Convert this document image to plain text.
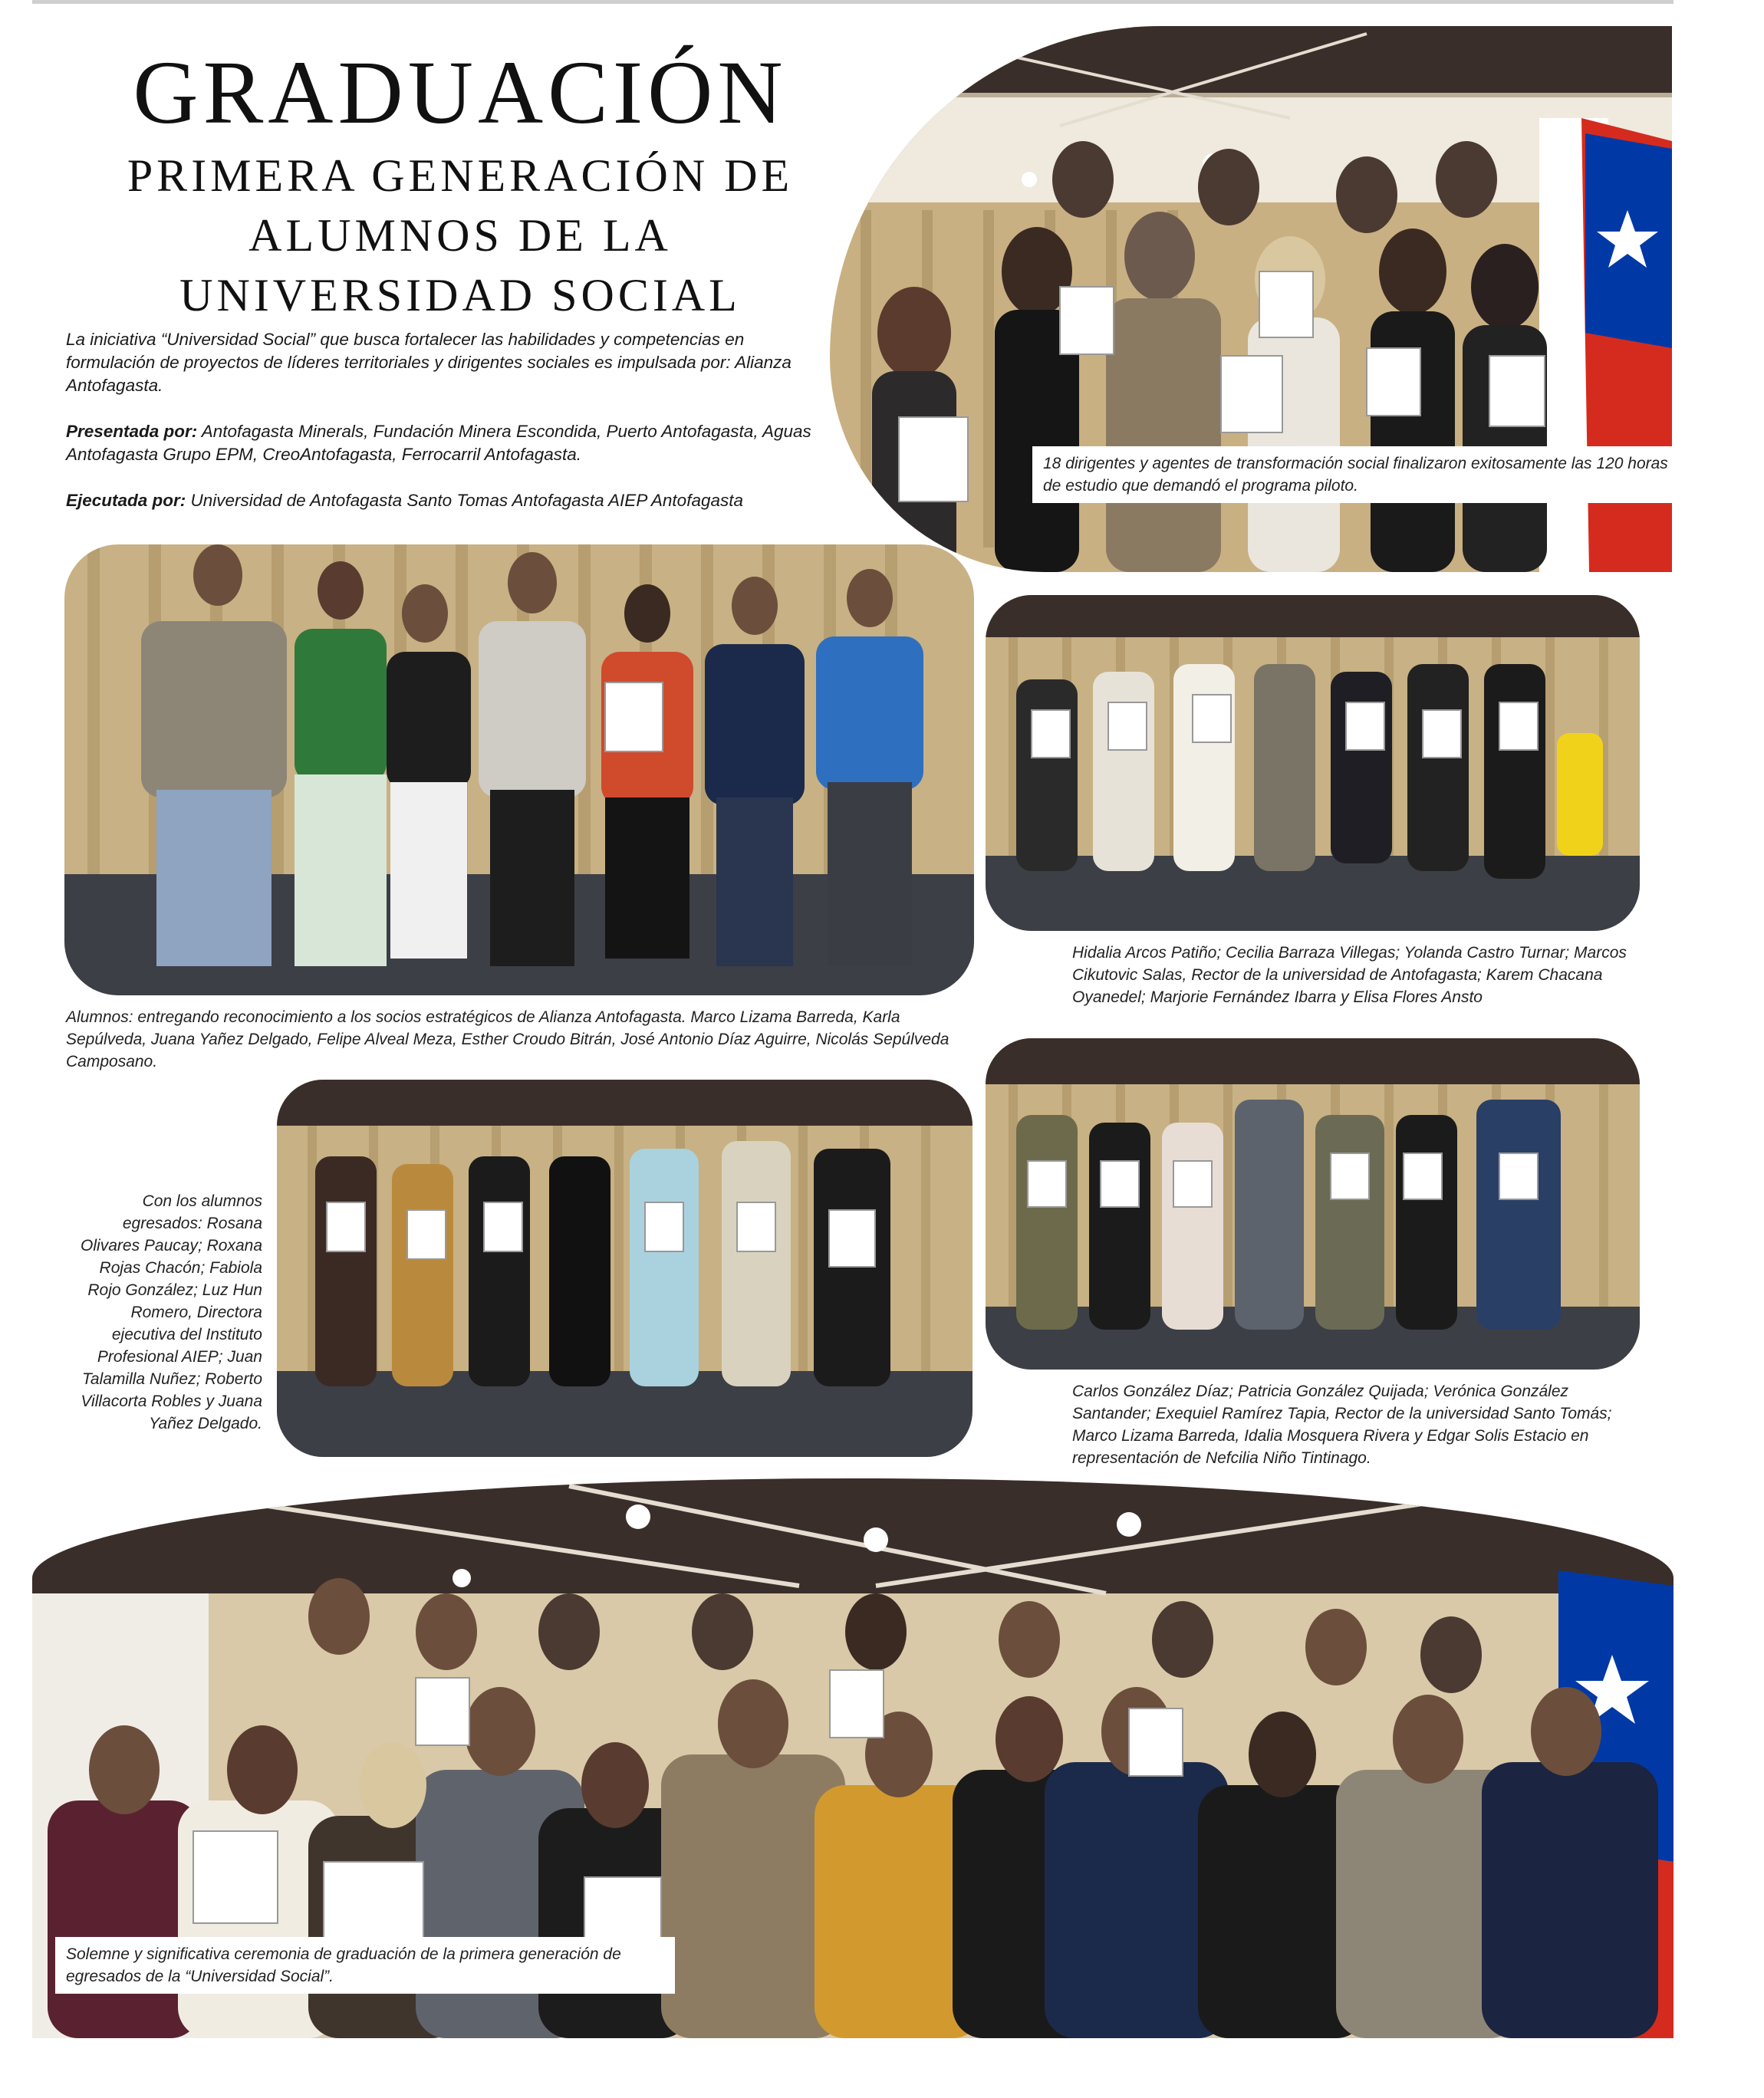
GRADUACIÓN
PRIMERA GENERACIÓN DE
ALUMNOS DE LA
UNIVERSIDAD SOCIAL

La iniciativa “Universidad Social” que busca fortalecer las habilidades y competencias en formulación de proyectos de líderes territoriales y dirigentes sociales es impulsada por: Alianza Antofagasta.

Presentada por: Antofagasta Minerals, Fundación Minera Escondida, Puerto Antofagasta, Aguas Antofagasta Grupo EPM, CreoAntofagasta, Ferrocarril Antofagasta.

Ejecutada por: Universidad de Antofagasta Santo Tomas Antofagasta AIEP Antofagasta

18 dirigentes y agentes de transformación social finalizaron exitosamente las 120 horas de estudio que demandó el programa piloto.
Alumnos: entregando reconocimiento a los socios estratégicos de Alianza Antofagasta. Marco Lizama Barreda, Karla Sepúlveda, Juana Yañez Delgado, Felipe Alveal Meza, Esther Croudo Bitrán, José Antonio Díaz Aguirre, Nicolás Sepúlveda Camposano.
Hidalia Arcos Patiño; Cecilia Barraza Villegas; Yolanda Castro Turnar; Marcos Cikutovic Salas, Rector de la universidad de Antofagasta; Karem Chacana Oyanedel; Marjorie Fernández Ibarra y Elisa Flores Ansto
Con los alumnos egresados: Rosana Olivares Paucay; Roxana Rojas Chacón; Fabiola Rojo González; Luz Hun Romero, Directora ejecutiva del Instituto Profesional AIEP; Juan Talamilla Nuñez; Roberto Villacorta Robles y Juana Yañez Delgado.
Carlos González Díaz; Patricia González Quijada; Verónica González Santander; Exequiel Ramírez Tapia, Rector de la universidad Santo Tomás; Marco Lizama Barreda, Idalia Mosquera Rivera y Edgar Solis Estacio en representación de Nefcilia Niño Tintinago.
Solemne y significativa ceremonia de graduación de la primera generación de egresados de la “Universidad Social”.
